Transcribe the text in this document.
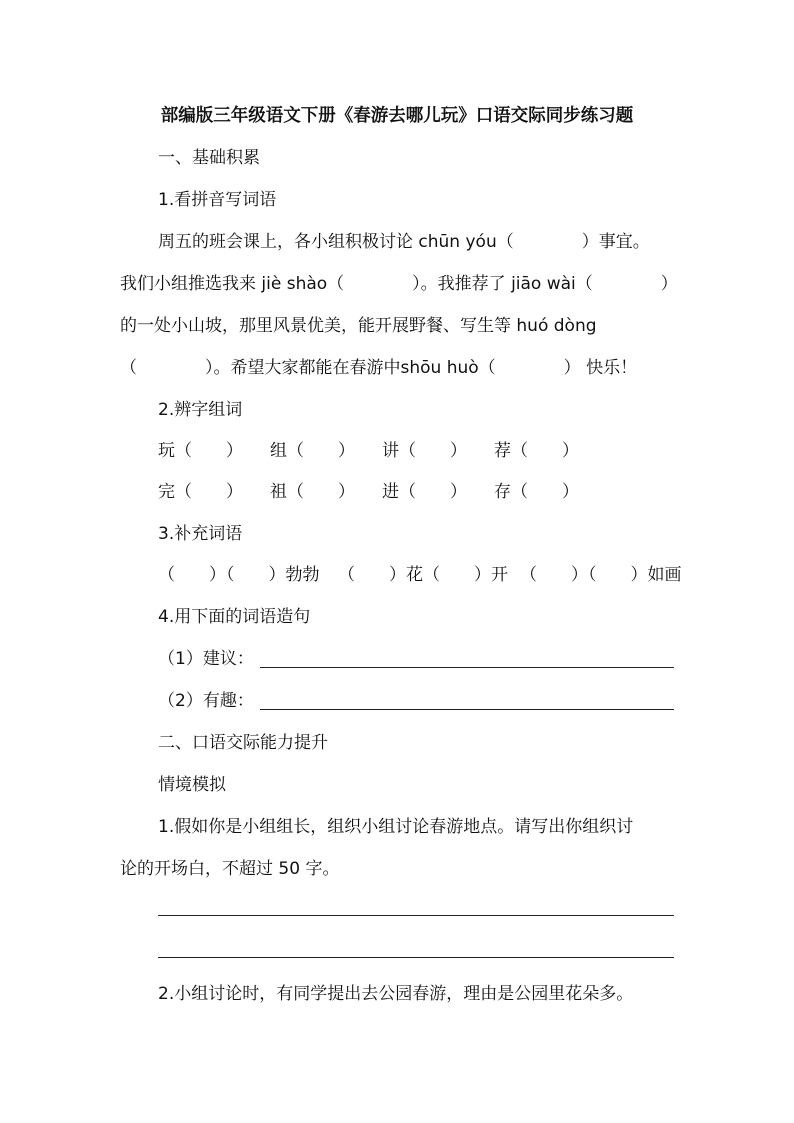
部编版三年级语文下册《春游去哪儿玩》口语交际同步练习题
一、基础积累
1.看拼音写词语
周五的班会课上，各小组积极讨论 chūn yóu（　　　　）事宜。
我们小组推选我来 jiè shào（　　　　）。我推荐了 jiāo wài（　　　　）
的一处小山坡，那里风景优美，能开展野餐、写生等 huó dòng
（　　　　）。希望大家都能在春游中shōu huò（　　　　） 快乐！
2.辨字组词
玩（　　） 组（　　） 讲（　　） 荐（　　）
完（　　） 祖（　　） 进（　　） 存（　　）
3.补充词语
（　　）（　　）勃勃 （　　）花（　　）开 （　　）（　　）如画
4.用下面的词语造句
（1）建议：
（2）有趣：
二、口语交际能力提升
情境模拟
1.假如你是小组组长，组织小组讨论春游地点。请写出你组织讨
论的开场白，不超过 50 字。
2.小组讨论时，有同学提出去公园春游，理由是公园里花朵多。
